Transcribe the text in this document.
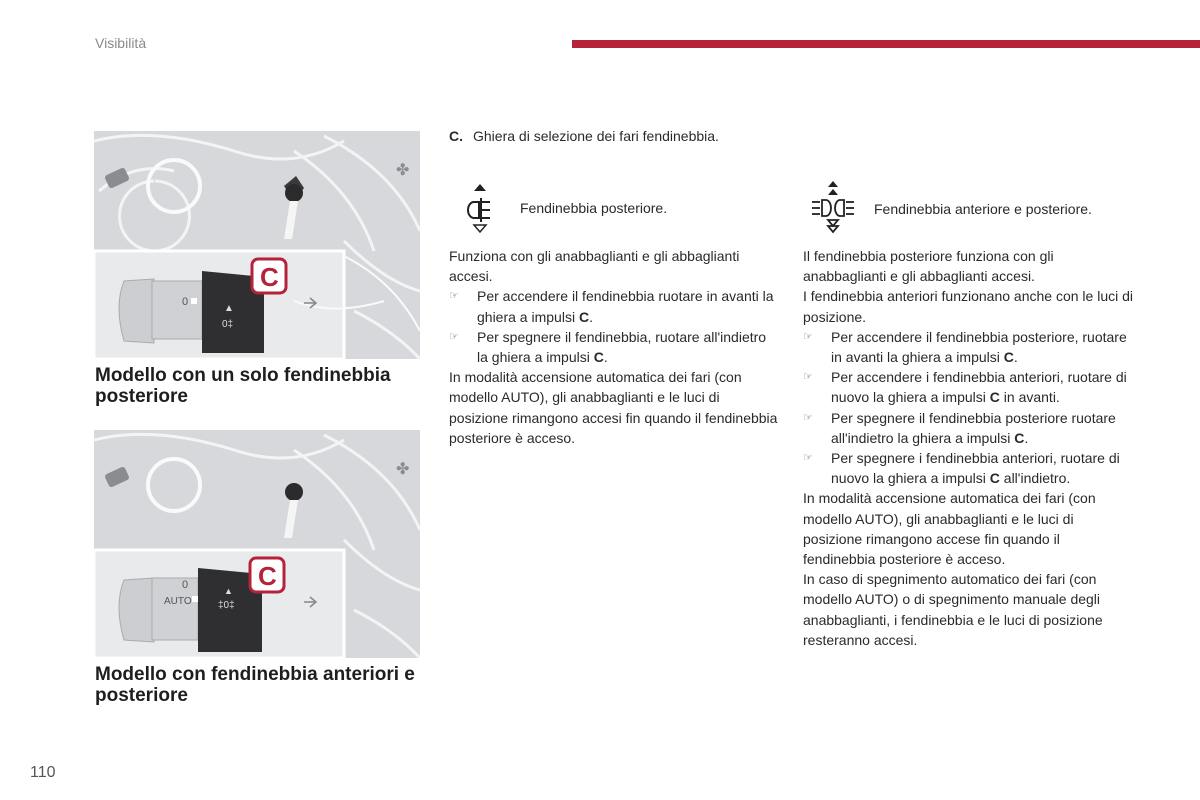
Visibilità
✤
0
▲
0‡
C
Modello con un solo fendinebbia posteriore
✤
0
AUTO
▲
‡0‡
C
Modello con fendinebbia anteriori e posteriore
C. Ghiera di selezione dei fari fendinebbia.
Fendinebbia posteriore.	Fendinebbia anteriore e posteriore.

Funziona con gli anabbaglianti e gli abbaglianti accesi.

☞ Per accendere il fendinebbia ruotare in avanti la ghiera a impulsi C.
☞ Per spegnere il fendinebbia, ruotare all'indietro la ghiera a impulsi C.

In modalità accensione automatica dei fari (con modello AUTO), gli anabbaglianti e le luci di posizione rimangono accesi fin quando il fendinebbia posteriore è acceso.

Il fendinebbia posteriore funziona con gli anabbaglianti e gli abbaglianti accesi.

I fendinebbia anteriori funzionano anche con le luci di posizione.

☞ Per accendere il fendinebbia posteriore, ruotare in avanti la ghiera a impulsi C.
☞ Per accendere i fendinebbia anteriori, ruotare di nuovo la ghiera a impulsi C in avanti.
☞ Per spegnere il fendinebbia posteriore ruotare all'indietro la ghiera a impulsi C.
☞ Per spegnere i fendinebbia anteriori, ruotare di nuovo la ghiera a impulsi C all'indietro.

In modalità accensione automatica dei fari (con modello AUTO), gli anabbaglianti e le luci di posizione rimangono accese fin quando il fendinebbia posteriore è acceso.

In caso di spegnimento automatico dei fari (con modello AUTO) o di spegnimento manuale degli anabbaglianti, i fendinebbia e le luci di posizione resteranno accesi.

110
